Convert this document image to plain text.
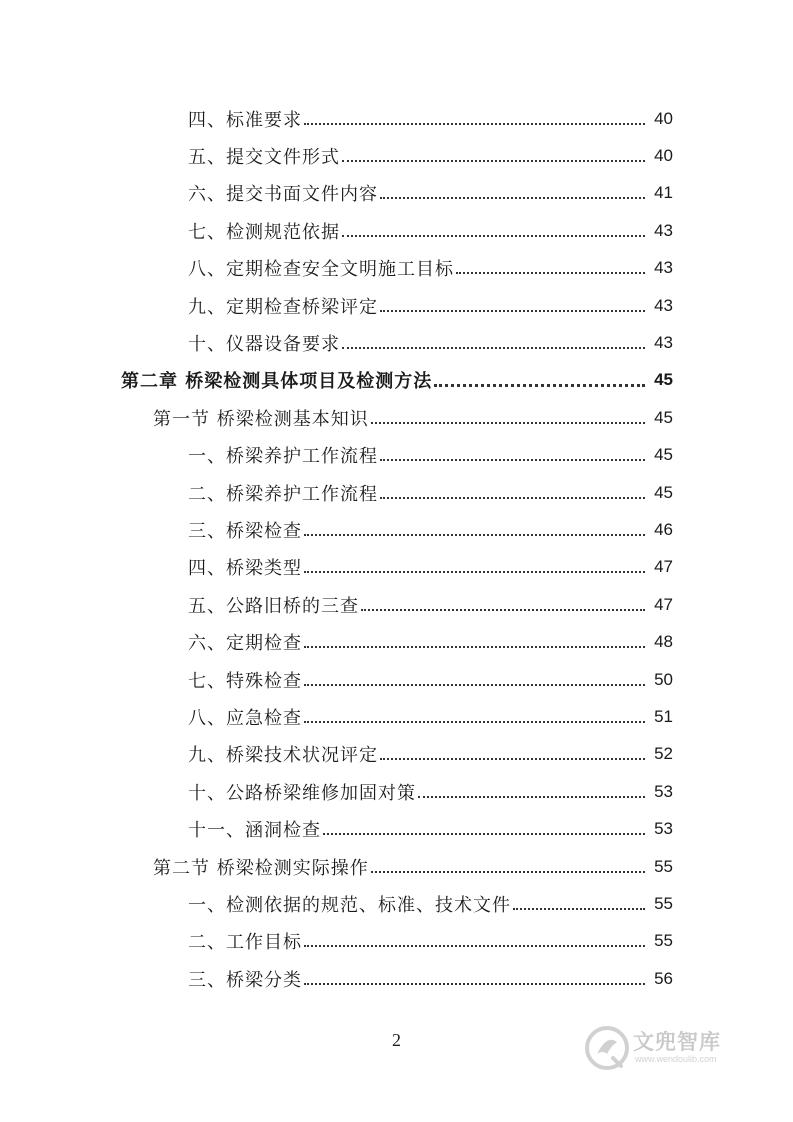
四、标准要求	40
五、提交文件形式	40
六、提交书面文件内容	41
七、检测规范依据	43
八、定期检查安全文明施工目标	43
九、定期检查桥梁评定	43
十、仪器设备要求	43
第二章 桥梁检测具体项目及检测方法	45
第一节 桥梁检测基本知识	45
一、桥梁养护工作流程	45
二、桥梁养护工作流程	45
三、桥梁检查	46
四、桥梁类型	47
五、公路旧桥的三查	47
六、定期检查	48
七、特殊检查	50
八、应急检查	51
九、桥梁技术状况评定	52
十、公路桥梁维修加固对策	53
十一、涵洞检查	53
第二节 桥梁检测实际操作	55
一、检测依据的规范、标准、技术文件	55
二、工作目标	55
三、桥梁分类	56
2	文兜智库
www.wendoulib.com
